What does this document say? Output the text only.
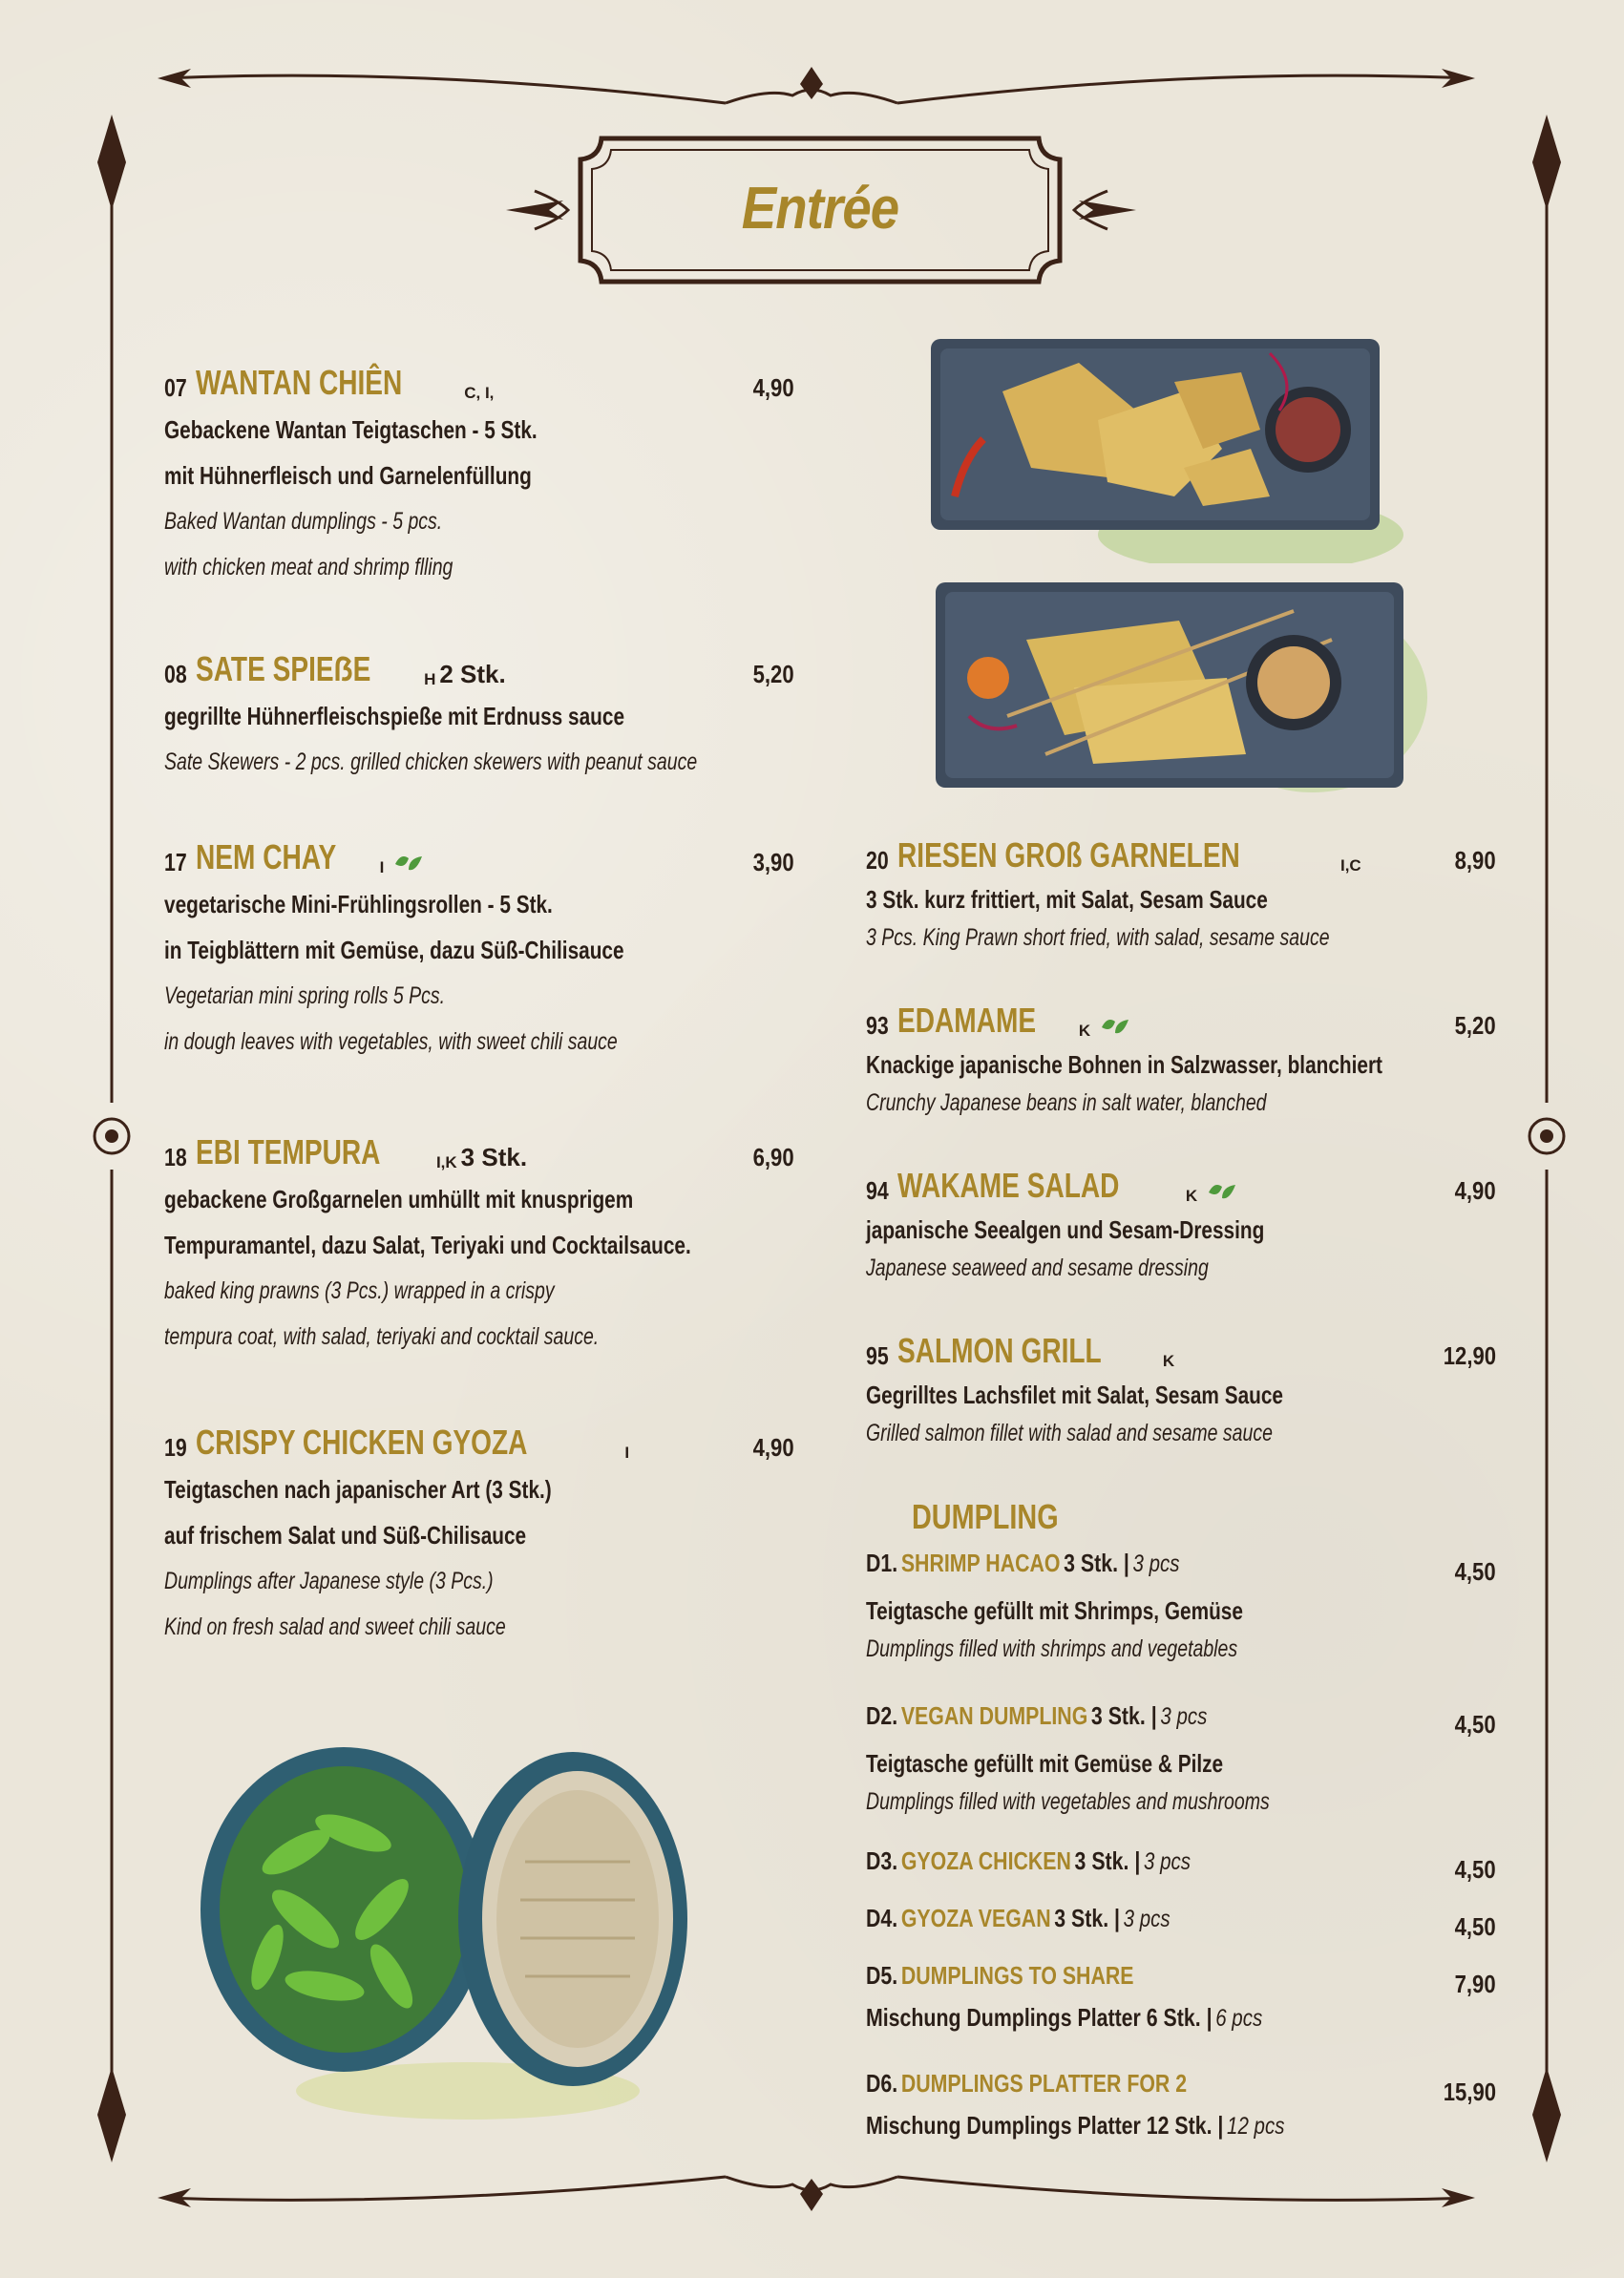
Entrée
07 WANTAN CHIÊN	C, I,	4,90
Gebackene Wantan Teigtaschen - 5 Stk.
mit Hühnerfleisch und Garnelenfüllung
Baked Wantan dumplings - 5 pcs.
with chicken meat and shrimp flling
08 SATE SPIEẞE	H 2 Stk.	5,20
gegrillte Hühnerfleischspieße mit Erdnuss sauce
Sate Skewers - 2 pcs. grilled chicken skewers with peanut sauce
17 NEM CHAY	I	3,90
vegetarische Mini-Frühlingsrollen - 5 Stk.
in Teigblättern mit Gemüse, dazu Süß-Chilisauce
Vegetarian mini spring rolls 5 Pcs.
in dough leaves with vegetables, with sweet chili sauce
18 EBI TEMPURA	I,K 3 Stk.	6,90
gebackene Großgarnelen umhüllt mit knusprigem
Tempuramantel, dazu Salat, Teriyaki und Cocktailsauce.
baked king prawns (3 Pcs.) wrapped in a crispy
tempura coat, with salad, teriyaki and cocktail sauce.
19 CRISPY CHICKEN GYOZA	I	4,90
Teigtaschen nach japanischer Art (3 Stk.)
auf frischem Salat und Süß-Chilisauce
Dumplings after Japanese style (3 Pcs.)
Kind on fresh salad and sweet chili sauce
20 RIESEN GROß GARNELEN	I,C	8,90
3 Stk. kurz frittiert, mit Salat, Sesam Sauce
3 Pcs. King Prawn short fried, with salad, sesame sauce
93 EDAMAME	K	5,20
Knackige japanische Bohnen in Salzwasser, blanchiert
Crunchy Japanese beans in salt water, blanched
94 WAKAME SALAD	K	4,90
japanische Seealgen und Sesam-Dressing
Japanese seaweed and sesame dressing
95 SALMON GRILL	K	12,90
Gegrilltes Lachsfilet mit Salat, Sesam Sauce
Grilled salmon fillet with salad and sesame sauce
DUMPLING
D1. SHRIMP HACAO 3 Stk. | 3 pcs	4,50
Teigtasche gefüllt mit Shrimps, Gemüse
Dumplings filled with shrimps and vegetables
D2. VEGAN DUMPLING 3 Stk. | 3 pcs	4,50
Teigtasche gefüllt mit Gemüse & Pilze
Dumplings filled with vegetables and mushrooms
D3. GYOZA CHICKEN 3 Stk. | 3 pcs	4,50
D4. GYOZA VEGAN 3 Stk. | 3 pcs	4,50
D5. DUMPLINGS TO SHARE	7,90
Mischung Dumplings Platter 6 Stk. | 6 pcs
D6. DUMPLINGS PLATTER FOR 2	15,90
Mischung Dumplings Platter 12 Stk. | 12 pcs
